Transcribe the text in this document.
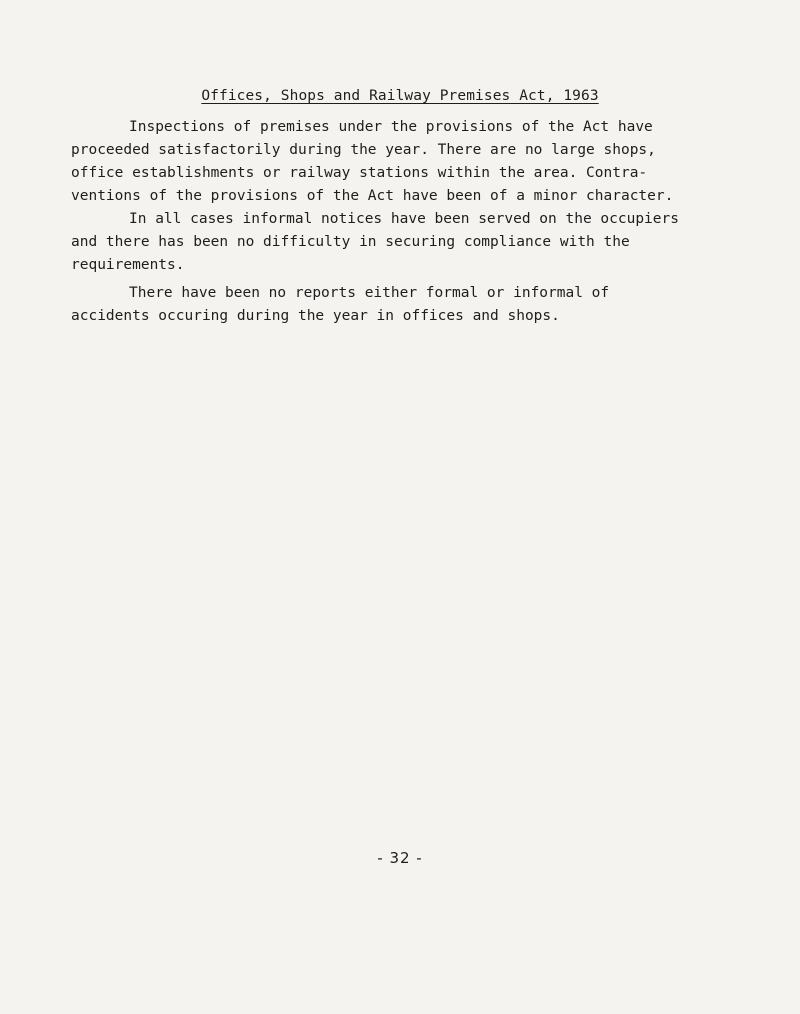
Offices, Shops and Railway Premises Act, 1963

Inspections of premises under the provisions of the Act have
proceeded satisfactorily during the year. There are no large shops,
office establishments or railway stations within the area. Contra-
ventions of the provisions of the Act have been of a minor character.

In all cases informal notices have been served on the occupiers
and there has been no difficulty in securing compliance with the
requirements.

There have been no reports either formal or informal of
accidents occuring during the year in offices and shops.

- 32 -
